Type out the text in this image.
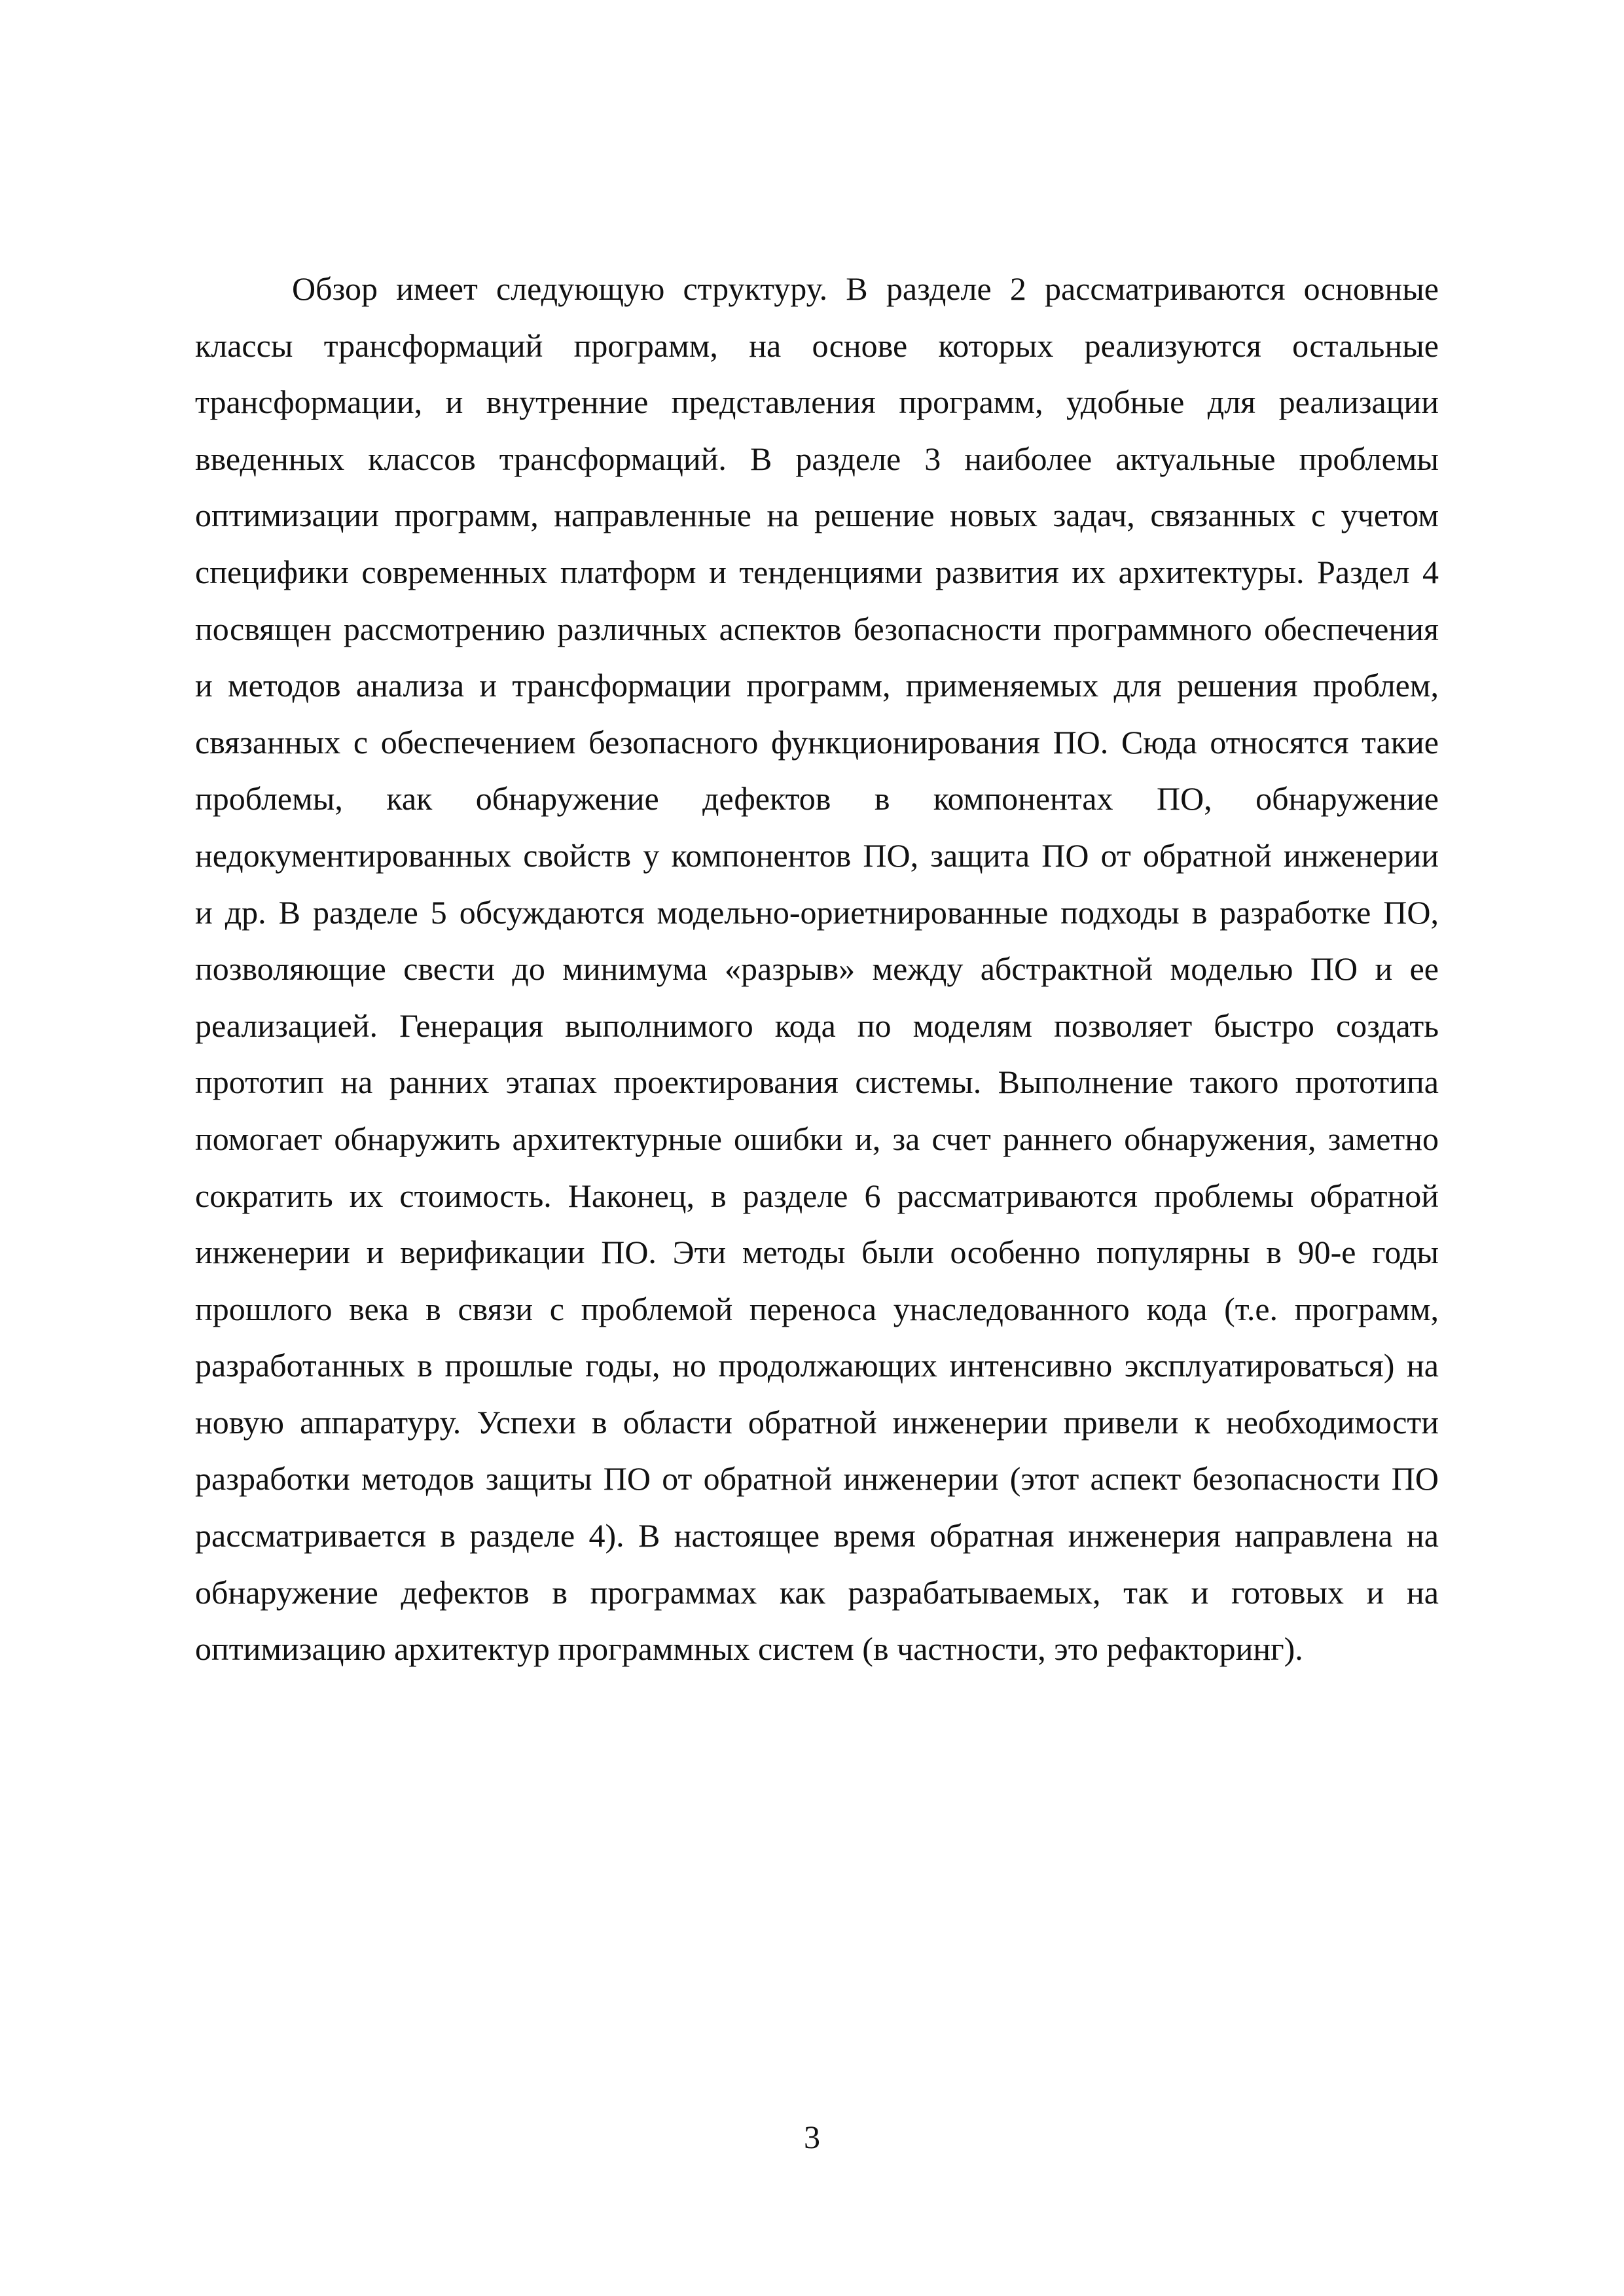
Обзор имеет следующую структуру. В разделе 2 рассматриваются основные
классы трансформаций программ, на основе которых реализуются остальные
трансформации, и внутренние представления программ, удобные для реализации
введенных классов трансформаций. В разделе 3 наиболее актуальные проблемы
оптимизации программ, направленные на решение новых задач, связанных с учетом
специфики современных платформ и тенденциями развития их архитектуры. Раздел 4
посвящен рассмотрению различных аспектов безопасности программного обеспечения
и методов анализа и трансформации программ, применяемых для решения проблем,
связанных с обеспечением безопасного функционирования ПО. Сюда относятся такие
проблемы, как обнаружение дефектов в компонентах ПО, обнаружение
недокументированных свойств у компонентов ПО, защита ПО от обратной инженерии
и др. В разделе 5 обсуждаются модельно-ориетнированные подходы в разработке ПО,
позволяющие свести до минимума «разрыв» между абстрактной моделью ПО и ее
реализацией. Генерация выполнимого кода по моделям позволяет быстро создать
прототип на ранних этапах проектирования системы. Выполнение такого прототипа
помогает обнаружить архитектурные ошибки и, за счет раннего обнаружения, заметно
сократить их стоимость. Наконец, в разделе 6 рассматриваются проблемы обратной
инженерии и верификации ПО. Эти методы были особенно популярны в 90-е годы
прошлого века в связи с проблемой переноса унаследованного кода (т.е. программ,
разработанных в прошлые годы, но продолжающих интенсивно эксплуатироваться) на
новую аппаратуру. Успехи в области обратной инженерии привели к необходимости
разработки методов защиты ПО от обратной инженерии (этот аспект безопасности ПО
рассматривается в разделе 4). В настоящее время обратная инженерия направлена на
обнаружение дефектов в программах как разрабатываемых, так и готовых и на
оптимизацию архитектур программных систем (в частности, это рефакторинг).

3
